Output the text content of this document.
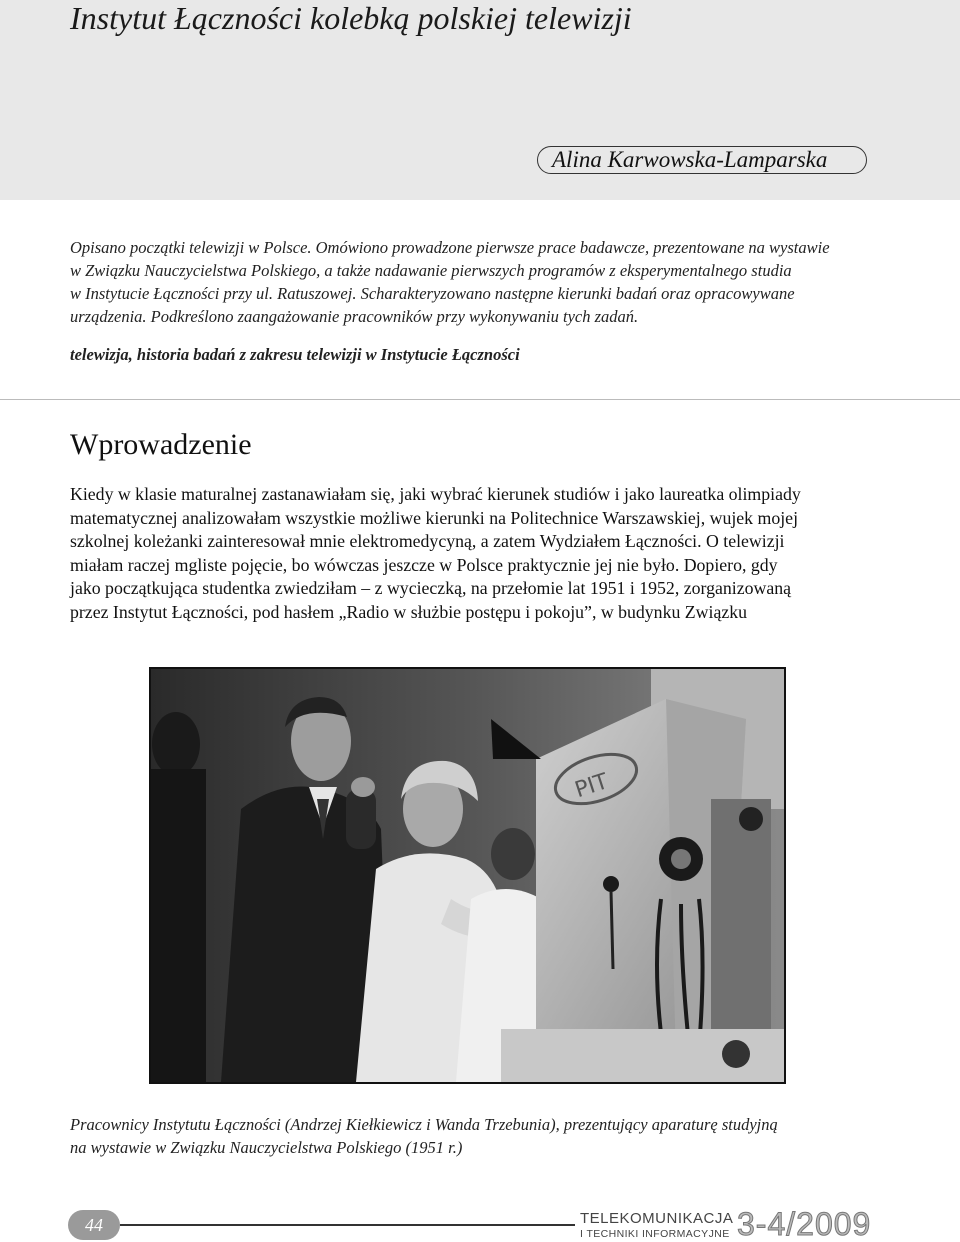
Instytut Łączności kolebką polskiej telewizji
Alina Karwowska-Lamparska
Opisano początki telewizji w Polsce. Omówiono prowadzone pierwsze prace badawcze, prezentowane na wystawie
w Związku Nauczycielstwa Polskiego, a także nadawanie pierwszych programów z eksperymentalnego studia
w Instytucie Łączności przy ul. Ratuszowej. Scharakteryzowano następne kierunki badań oraz opracowywane
urządzenia. Podkreślono zaangażowanie pracowników przy wykonywaniu tych zadań.
telewizja, historia badań z zakresu telewizji w Instytucie Łączności
Wprowadzenie
Kiedy w klasie maturalnej zastanawiałam się, jaki wybrać kierunek studiów i jako laureatka olimpiady
matematycznej analizowałam wszystkie możliwe kierunki na Politechnice Warszawskiej, wujek mojej
szkolnej koleżanki zainteresował mnie elektromedycyną, a zatem Wydziałem Łączności. O telewizji
miałam raczej mgliste pojęcie, bo wówczas jeszcze w Polsce praktycznie jej nie było. Dopiero, gdy
jako początkująca studentka zwiedziłam – z wycieczką, na przełomie lat 1951 i 1952, zorganizowaną
przez Instytut Łączności, pod hasłem „Radio w służbie postępu i pokoju”, w budynku Związku
PIT
Pracownicy Instytutu Łączności (Andrzej Kiełkiewicz i Wanda Trzebunia), prezentujący aparaturę studyjną
na wystawie w Związku Nauczycielstwa Polskiego (1951 r.)
44	TELEKOMUNIKACJA
I TECHNIKI INFORMACYJNE 3-4/2009
